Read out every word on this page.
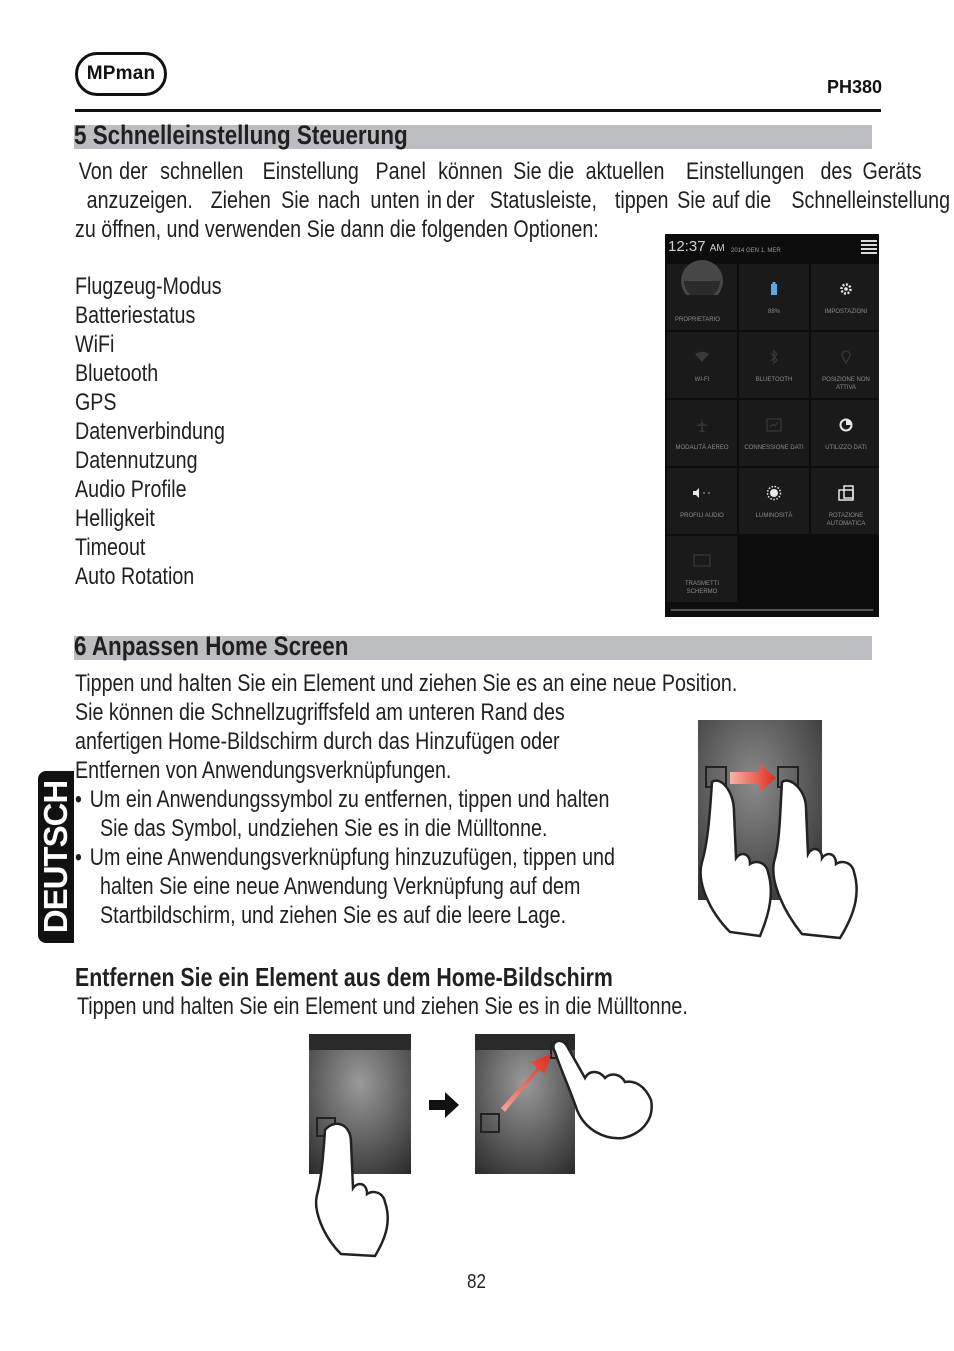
MPman
PH380
5 Schnelleinstellung Steuerung
Von der schnellen Einstellung Panel können Sie die aktuellen Einstellungen des Geräts
anzuzeigen. Ziehen Sie nach unten in der Statusleiste, tippen Sie auf die Schnelleinstellung
zu öffnen, und verwenden Sie dann die folgenden Optionen:
Flugzeug-Modus
Batteriestatus
WiFi
Bluetooth
GPS
Datenverbindung
Datennutzung
Audio Profile
Helligkeit
Timeout
Auto Rotation
12:37 AM 2014 GEN 1, MER
PROPRIETARIO
88%	IMPOSTAZIONI
WI-FI	BLUETOOTH	POSIZIONE NON ATTIVA
MODALITÀ AEREO	CONNESSIONE DATI	UTILIZZO DATI
PROFILI AUDIO	LUMINOSITÀ	ROTAZIONE AUTOMATICA
TRASMETTI SCHERMO
6 Anpassen Home Screen
Tippen und halten Sie ein Element und ziehen Sie es an eine neue Position.
Sie können die Schnellzugriffsfeld am unteren Rand des
anfertigen Home-Bildschirm durch das Hinzufügen oder
Entfernen von Anwendungsverknüpfungen.
• Um ein Anwendungssymbol zu entfernen, tippen und halten
Sie das Symbol, undziehen Sie es in die Mülltonne.
• Um eine Anwendungsverknüpfung hinzuzufügen, tippen und
halten Sie eine neue Anwendung Verknüpfung auf dem
Startbildschirm, und ziehen Sie es auf die leere Lage.
DEUTSCH
Entfernen Sie ein Element aus dem Home-Bildschirm
Tippen und halten Sie ein Element und ziehen Sie es in die Mülltonne.
82
